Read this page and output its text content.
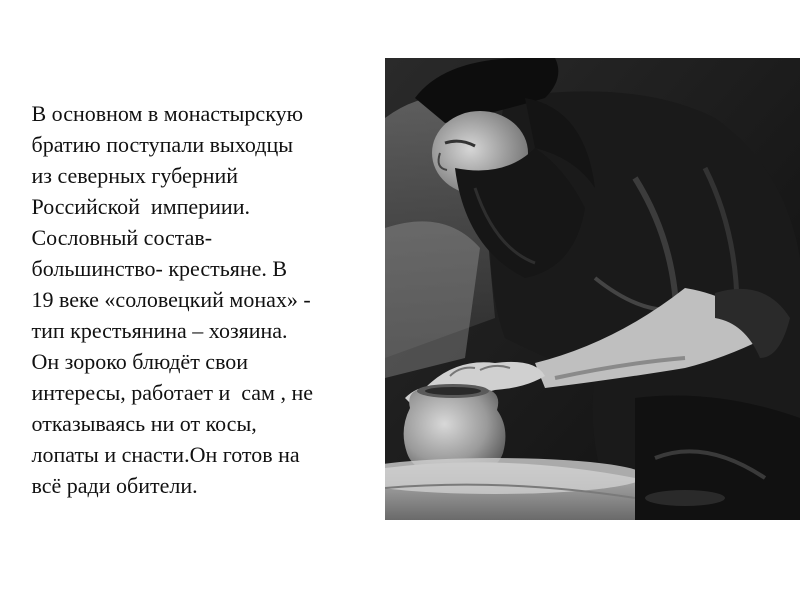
В основном в монастырскую
братию поступали выходцы
из северных губерний
Российской  империии.
Сословный состав-
большинство- крестьяне. В
19 веке «соловецкий монах» -
тип крестьянина – хозяина.
Он зороко блюдёт свои
интересы, работает и  сам , не
отказываясь ни от косы,
лопаты и снасти.Он готов на
всё ради обители.
